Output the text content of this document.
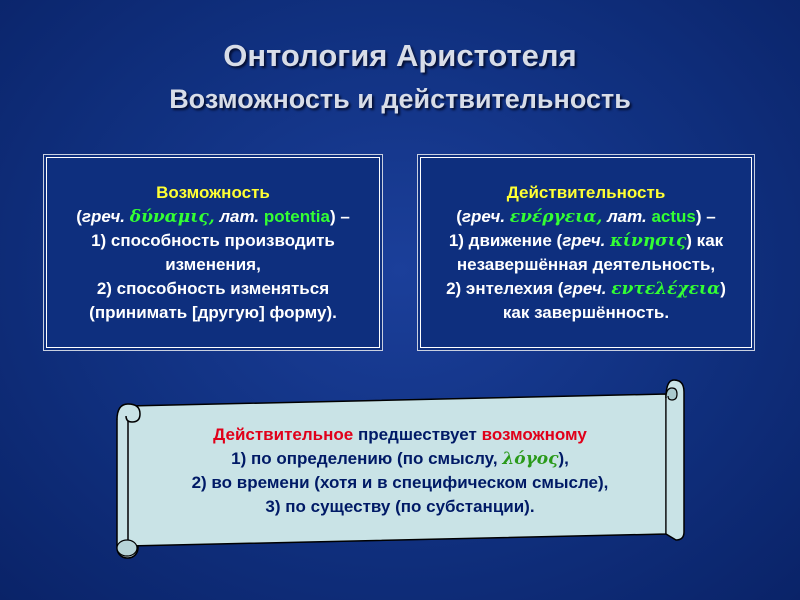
Онтология Аристотеля
Возможность и действительность
Возможность
(греч. δύναμις, лат. potentia) –
1) способность производить
изменения,
2) способность изменяться
(принимать [другую] форму).
Действительность
(греч. ενέργεια, лат. actus) –
1) движение (греч. κίνησις) как
незавершённая деятельность,
2) энтелехия (греч. εντελέχεια)
как завершённость.
Действительное предшествует возможному
1) по определению (по смыслу, λόγος),
2) во времени (хотя и в специфическом смысле),
3) по существу (по субстанции).
